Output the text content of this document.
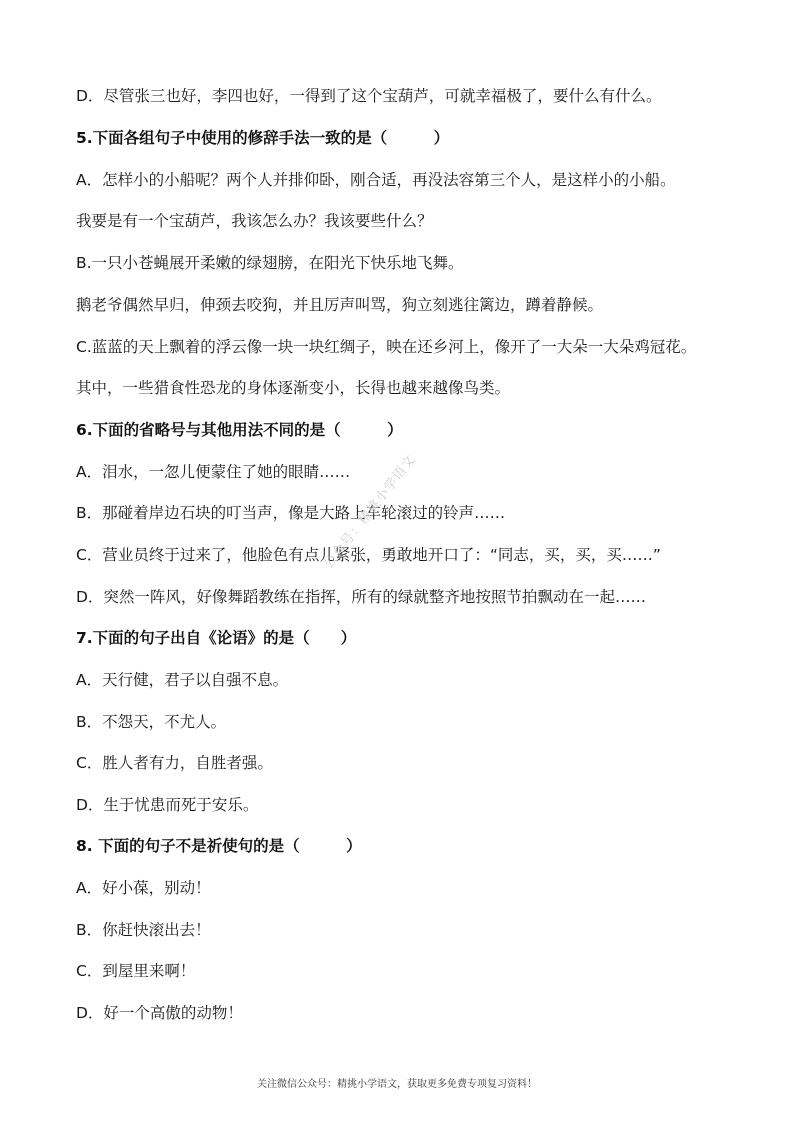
D．尽管张三也好，李四也好，一得到了这个宝葫芦，可就幸福极了，要什么有什么。
5.下面各组句子中使用的修辞手法一致的是（　　　）
A．怎样小的小船呢？两个人并排仰卧，刚合适，再没法容第三个人，是这样小的小船。
我要是有一个宝葫芦，我该怎么办？我该要些什么？
B.一只小苍蝇展开柔嫩的绿翅膀，在阳光下快乐地飞舞。
鹅老爷偶然早归，伸颈去咬狗，并且厉声叫骂，狗立刻逃往篱边，蹲着静候。
C.蓝蓝的天上飘着的浮云像一块一块红绸子，映在还乡河上，像开了一大朵一大朵鸡冠花。
其中，一些猎食性恐龙的身体逐渐变小，长得也越来越像鸟类。
6.下面的省略号与其他用法不同的是（　　　）
A．泪水，一忽儿便蒙住了她的眼睛……
B．那碰着岸边石块的叮当声，像是大路上车轮滚过的铃声……
C．营业员终于过来了，他脸色有点儿紧张，勇敢地开口了：“同志，买，买，买……”
D．突然一阵风，好像舞蹈教练在指挥，所有的绿就整齐地按照节拍飘动在一起……
7.下面的句子出自《论语》的是（　　）
A．天行健，君子以自强不息。
B．不怨天，不尤人。
C．胜人者有力，自胜者强。
D．生于忧患而死于安乐。
8. 下面的句子不是祈使句的是（　　　）
A．好小葆，别动！
B．你赶快滚出去！
C．到屋里来啊！
D．好一个高傲的动物！
公众号：精挑小学语文
关注微信公众号：精挑小学语文，获取更多免费专项复习资料！
